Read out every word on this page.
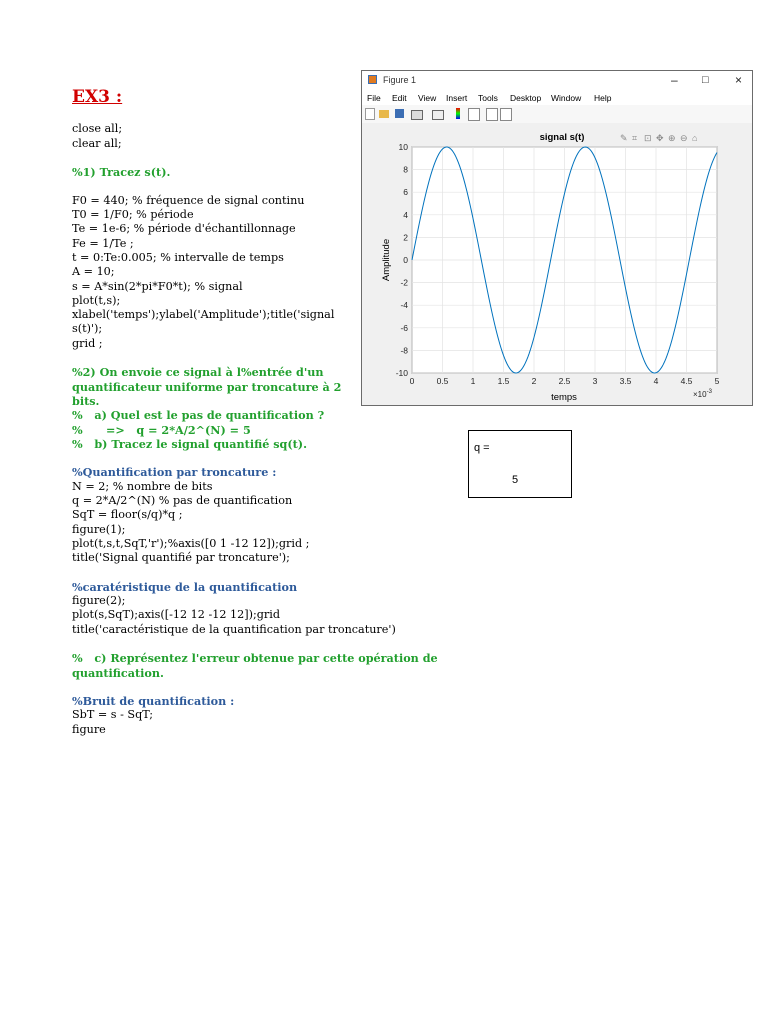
EX3 :

close all;

clear all;

%1) Tracez s(t).

F0 = 440; % fréquence de signal continu

T0 = 1/F0; % période

Te = 1e-6; % période d'échantillonnage

Fe = 1/Te ;

t = 0:Te:0.005; % intervalle de temps

A = 10;

s = A*sin(2*pi*F0*t); % signal

plot(t,s);

xlabel('temps');ylabel('Amplitude');title('signal

s(t)');

grid ;

%2) On envoie ce signal à l%entrée d'un

quantificateur uniforme par troncature à 2

bits.

%   a) Quel est le pas de quantification ?

%      =>   q = 2*A/2^(N) = 5

%   b) Tracez le signal quantifié sq(t).

%Quantification par troncature :

N = 2; % nombre de bits

q = 2*A/2^(N) % pas de quantification

SqT = floor(s/q)*q ;

figure(1);

plot(t,s,t,SqT,'r');%axis([0 1 -12 12]);grid ;

title('Signal quantifié par troncature');

%caratéristique de la quantification

figure(2);

plot(s,SqT);axis([-12 12 -12 12]);grid

title('caractéristique de la quantification par troncature')

%   c) Représentez l'erreur obtenue par cette opération de quantification.

%Bruit de quantification :

SbT = s - SqT;

figure

Figure 1	– □ ×
File Edit View Insert Tools Desktop Window Help
signal s(t)	✎ ⌗ ⊡ ✥ ⊕ ⊖ ⌂
0	0.5	1	1.5	2	2.5	3	3.5	4	4.5	5
10
8
6
4
2
0
-2
-4
-6
-8
-10
temps
Amplitude
$\times 10^{-3}$
q =
5
